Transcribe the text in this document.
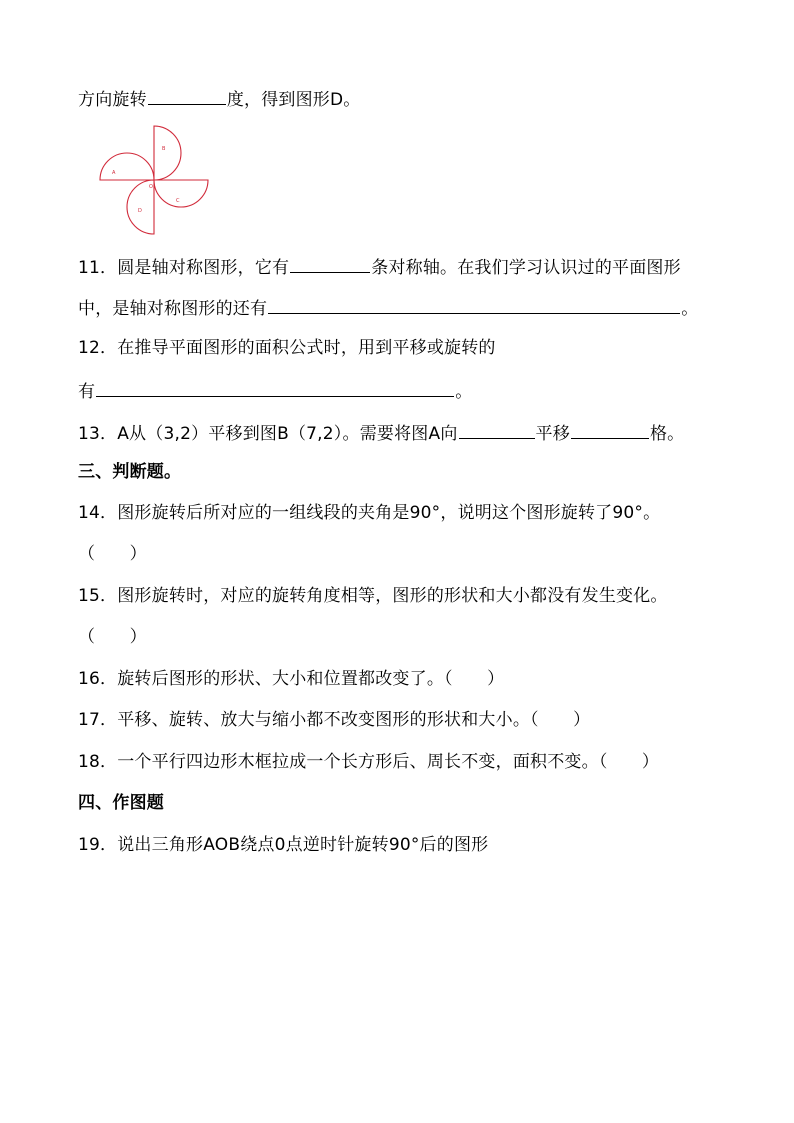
方向旋转	度，得到图形D。
A
B
C
D
O
11．圆是轴对称图形，它有	条对称轴。在我们学习认识过的平面图形
中，是轴对称图形的还有	。
12．在推导平面图形的面积公式时，用到平移或旋转的
有	。
13．A从（3,2）平移到图B（7,2）。需要将图A向	平移	格。
三、判断题。
14．图形旋转后所对应的一组线段的夹角是90°，说明这个图形旋转了90°。
（　　）
15．图形旋转时，对应的旋转角度相等，图形的形状和大小都没有发生变化。
（　　）
16．旋转后图形的形状、大小和位置都改变了。（　　）
17．平移、旋转、放大与缩小都不改变图形的形状和大小。（　　）
18．一个平行四边形木框拉成一个长方形后、周长不变，面积不变。（　　）
四、作图题
19．说出三角形AOB绕点0点逆时针旋转90°后的图形
